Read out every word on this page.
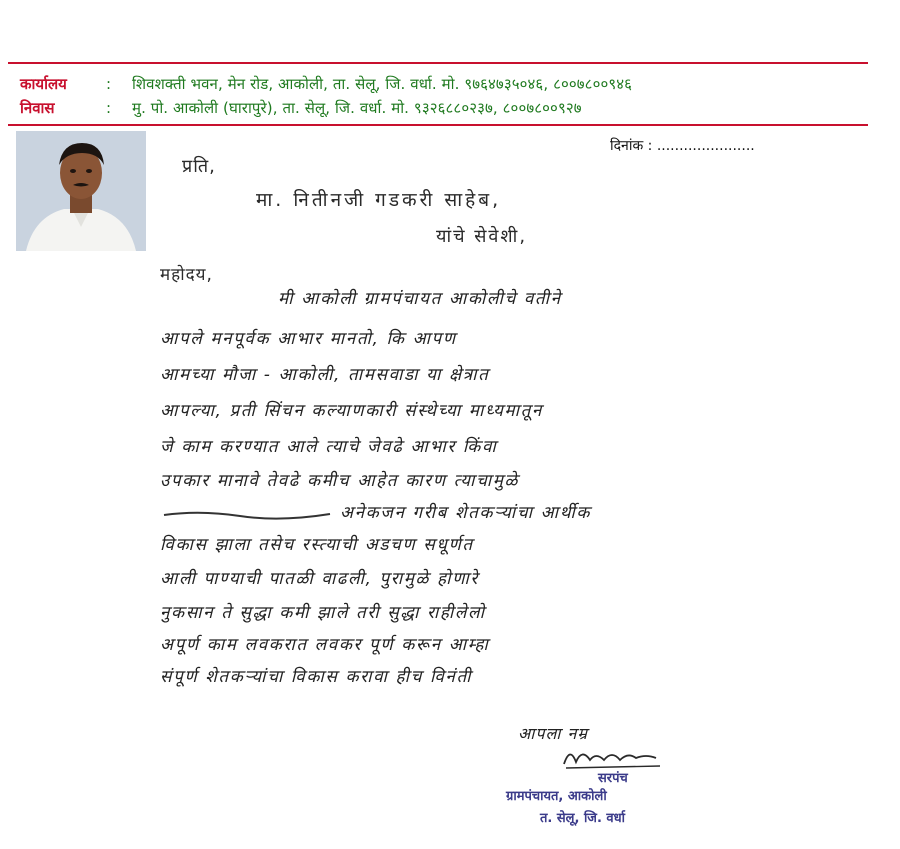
कार्यालय	:	शिवशक्ती भवन, मेन रोड, आकोली, ता. सेलू, जि. वर्धा. मो. ९७६४७३५०४६, ८००७८००९४६
निवास	:	मु. पो. आकोली (घारापुरे), ता. सेलू, जि. वर्धा. मो. ९३२६८८०२३७, ८००७८००९२७
दिनांक : ......................
प्रति,
मा. नितीनजी गडकरी साहेब,
यांचे सेवेशी,
महोदय,
मी आकोली ग्रामपंचायत आकोलीचे वतीने
आपले मनपूर्वक आभार मानतो, कि आपण
आमच्या मौजा - आकोली, तामसवाडा या क्षेत्रात
आपल्या, प्रती सिंचन कल्याणकारी संस्थेच्या माध्यमातून
जे काम करण्यात आले त्याचे जेवढे आभार किंवा
उपकार मानावे तेवढे कमीच आहेत कारण त्याचामुळे
अनेकजन गरीब शेतकऱ्यांचा आर्थीक
विकास झाला तसेच रस्त्याची अडचण सधूर्णत
आली पाण्याची पातळी वाढली, पुरामुळे होणारे
नुकसान ते सुद्धा कमी झाले तरी सुद्धा राहीलेलो
अपूर्ण काम लवकरात लवकर पूर्ण करून आम्हा
संपूर्ण शेतकऱ्यांचा विकास करावा हीच विनंती
आपला नम्र
सरपंच
ग्रामपंचायत, आकोली
त. सेलू, जि. वर्धा
